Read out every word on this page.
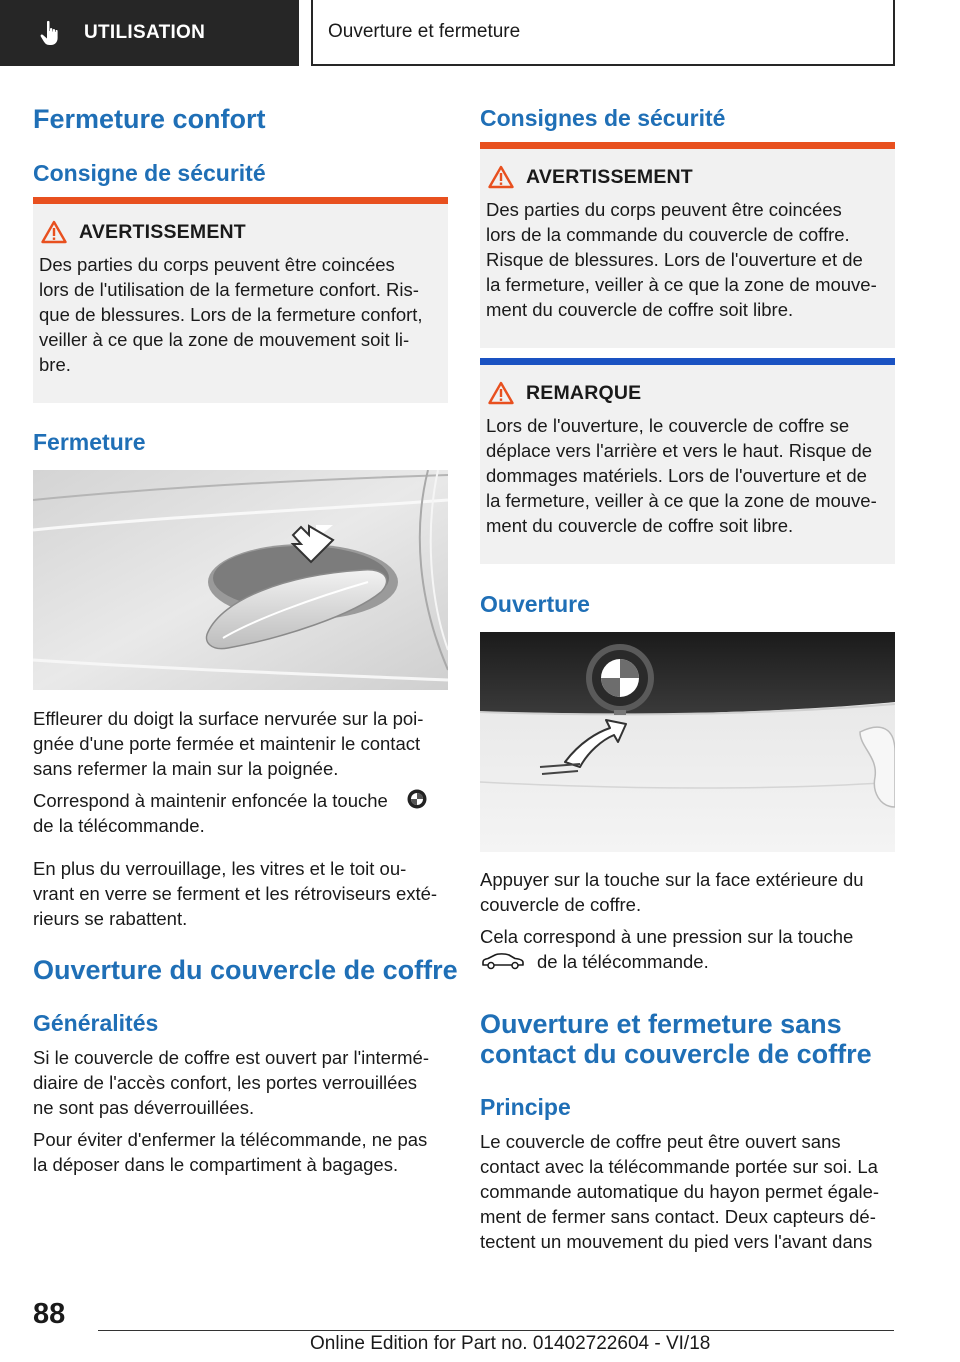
UTILISATION	Ouverture et fermeture
Fermeture confort
Consigne de sécurité
AVERTISSEMENT

Des parties du corps peuvent être coincées

lors de l'utilisation de la fermeture confort. Ris-

que de blessures. Lors de la fermeture confort,

veiller à ce que la zone de mouvement soit li-

bre.

Fermeture

Effleurer du doigt la surface nervurée sur la poi-

gnée d'une porte fermée et maintenir le contact

sans refermer la main sur la poignée.

Correspond à maintenir enfoncée la touche

de la télécommande.

En plus du verrouillage, les vitres et le toit ou-

vrant en verre se ferment et les rétroviseurs exté-

rieurs se rabattent.

Ouverture du couvercle de coffre
Généralités

Si le couvercle de coffre est ouvert par l'intermé-

diaire de l'accès confort, les portes verrouillées

ne sont pas déverrouillées.

Pour éviter d'enfermer la télécommande, ne pas

la déposer dans le compartiment à bagages.

Consignes de sécurité
AVERTISSEMENT

Des parties du corps peuvent être coincées

lors de la commande du couvercle de coffre.

Risque de blessures. Lors de l'ouverture et de

la fermeture, veiller à ce que la zone de mouve-

ment du couvercle de coffre soit libre.

REMARQUE

Lors de l'ouverture, le couvercle de coffre se

déplace vers l'arrière et vers le haut. Risque de

dommages matériels. Lors de l'ouverture et de

la fermeture, veiller à ce que la zone de mouve-

ment du couvercle de coffre soit libre.

Ouverture

Appuyer sur la touche sur la face extérieure du

couvercle de coffre.

Cela correspond à une pression sur la touche

de la télécommande.

Ouverture et fermeture sans
contact du couvercle de coffre
Principe

Le couvercle de coffre peut être ouvert sans

contact avec la télécommande portée sur soi. La

commande automatique du hayon permet égale-

ment de fermer sans contact. Deux capteurs dé-

tectent un mouvement du pied vers l'avant dans

88
Online Edition for Part no. 01402722604 - VI/18
